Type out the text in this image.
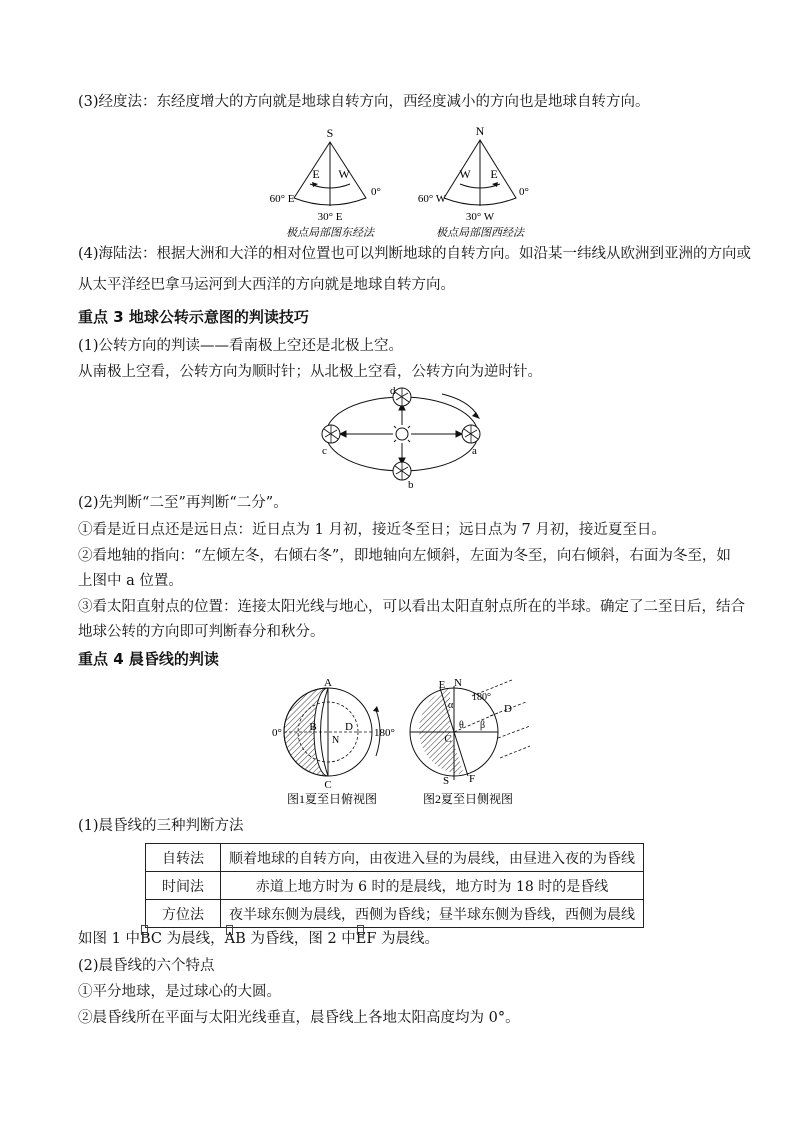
(3)经度法：东经度增大的方向就是地球自转方向，西经度减小的方向也是地球自转方向。
S
E W
60° E
30° E
0°
极点局部图东经法
N
W E
60° W
30° W
0°
极点局部图西经法
(4)海陆法：根据大洲和大洋的相对位置也可以判断地球的自转方向。如沿某一纬线从欧洲到亚洲的方向或
从太平洋经巴拿马运河到大西洋的方向就是地球自转方向。
重点 3 地球公转示意图的判读技巧
(1)公转方向的判读——看南极上空还是北极上空。
从南极上空看，公转方向为顺时针；从北极上空看，公转方向为逆时针。
d
b
c	a
(2)先判断“二至”再判断“二分”。
①看是近日点还是远日点：近日点为 1 月初，接近冬至日；远日点为 7 月初，接近夏至日。
②看地轴的指向：“左倾左冬，右倾右冬”，即地轴向左倾斜，左面为冬至，向右倾斜，右面为冬至，如
上图中 a 位置。
③看太阳直射点的位置：连接太阳光线与地心，可以看出太阳直射点所在的半球。确定了二至日后，结合
地球公转的方向即可判断春分和秋分。
重点 4 晨昏线的判读
A
B
C
D
N
0°	180°
图1夏至日俯视图
E N
S F
C
D
α
θ β
180°
图2夏至日侧视图
(1)晨昏线的三种判断方法
自转法	顺着地球的自转方向，由夜进入昼的为晨线，由昼进入夜的为昏线
时间法	赤道上地方时为 6 时的是晨线，地方时为 18 时的是昏线
方位法	夜半球东侧为晨线，西侧为昏线；昼半球东侧为昏线，西侧为晨线
如图 1 中BC 为晨线，AB 为昏线，图 2 中EF 为晨线。
(2)晨昏线的六个特点
①平分地球，是过球心的大圆。
②晨昏线所在平面与太阳光线垂直，晨昏线上各地太阳高度均为 0°。
